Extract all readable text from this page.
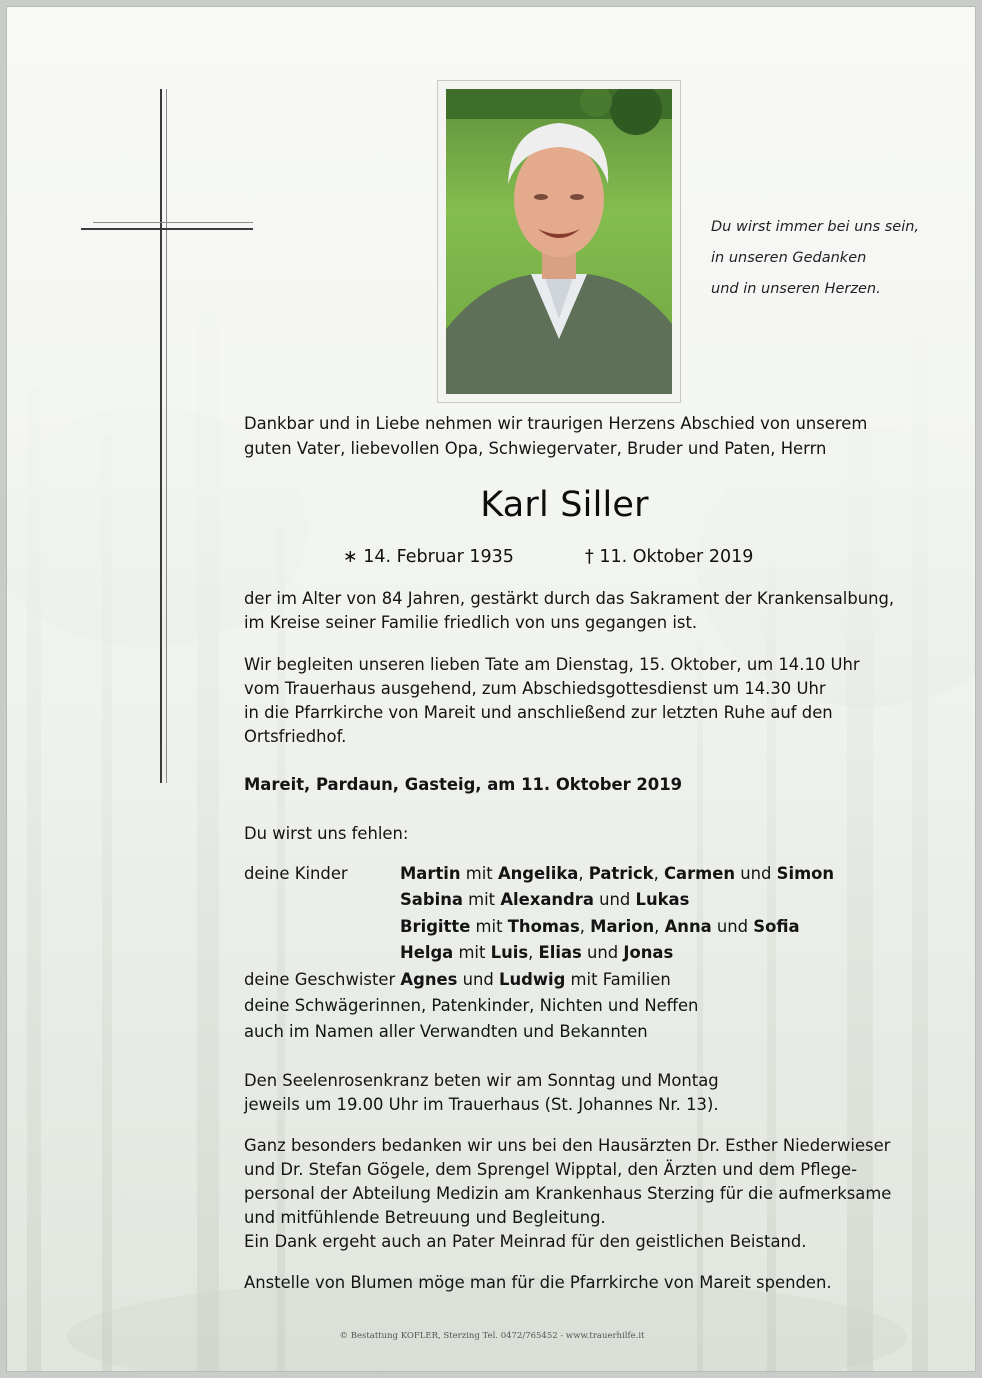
Du wirst immer bei uns sein,
in unseren Gedanken
und in unseren Herzen.
Dankbar und in Liebe nehmen wir traurigen Herzens Abschied von unserem
guten Vater, liebevollen Opa, Schwiegervater, Bruder und Paten, Herrn
Karl Siller
∗ 14. Februar 1935	† 11. Oktober 2019
der im Alter von 84 Jahren, gestärkt durch das Sakrament der Krankensalbung,
im Kreise seiner Familie friedlich von uns gegangen ist.
Wir begleiten unseren lieben Tate am Dienstag, 15. Oktober, um 14.10 Uhr
vom Trauerhaus ausgehend, zum Abschiedsgottesdienst um 14.30 Uhr
in die Pfarrkirche von Mareit und anschließend zur letzten Ruhe auf den
Ortsfriedhof.
Mareit, Pardaun, Gasteig, am 11. Oktober 2019
Du wirst uns fehlen:
deine Kinder	Martin mit Angelika, Patrick, Carmen und Simon
Sabina mit Alexandra und Lukas
Brigitte mit Thomas, Marion, Anna und Sofia
Helga mit Luis, Elias und Jonas
deine Geschwister Agnes und Ludwig mit Familien
deine Schwägerinnen, Patenkinder, Nichten und Neffen
auch im Namen aller Verwandten und Bekannten
Den Seelenrosenkranz beten wir am Sonntag und Montag
jeweils um 19.00 Uhr im Trauerhaus (St. Johannes Nr. 13).
Ganz besonders bedanken wir uns bei den Hausärzten Dr. Esther Niederwieser
und Dr. Stefan Gögele, dem Sprengel Wipptal, den Ärzten und dem Pflege-
personal der Abteilung Medizin am Krankenhaus Sterzing für die aufmerksame
und mitfühlende Betreuung und Begleitung.
Ein Dank ergeht auch an Pater Meinrad für den geistlichen Beistand.
Anstelle von Blumen möge man für die Pfarrkirche von Mareit spenden.
© Bestattung KOFLER, Sterzing Tel. 0472/765452 - www.trauerhilfe.it
